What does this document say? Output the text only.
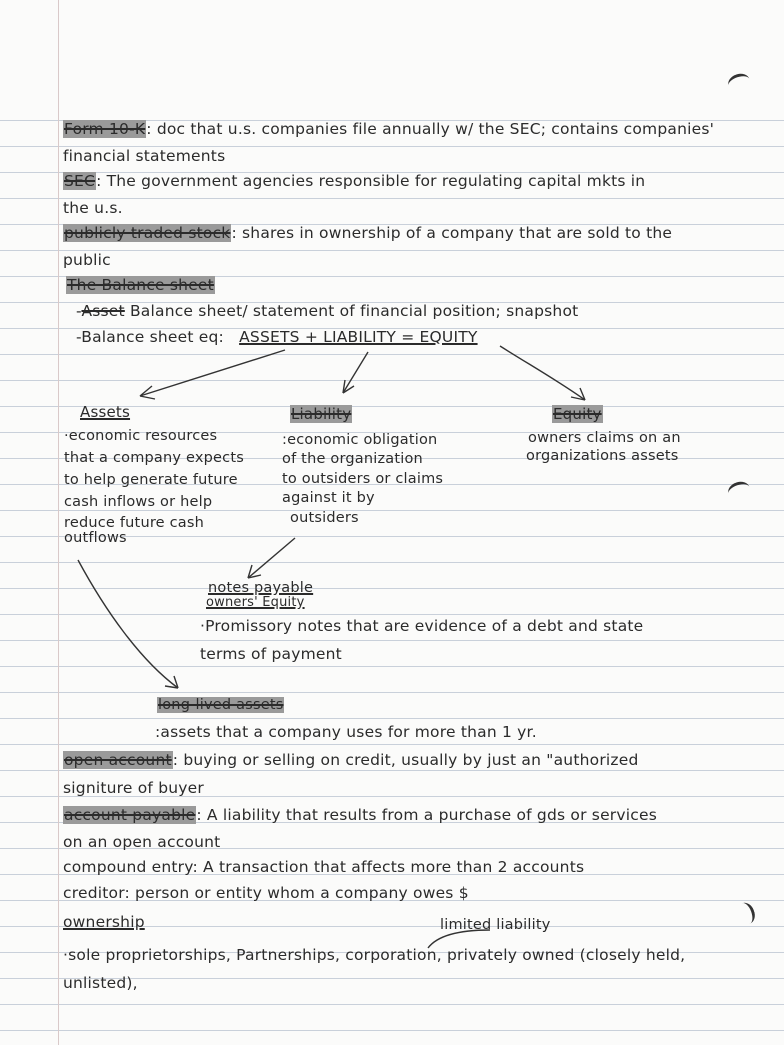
Form 10-K: doc that u.s. companies file annually w/ the SEC; contains companies'
financial statements
SEC: The government agencies responsible for regulating capital mkts in
the u.s.
publicly traded stock: shares in ownership of a company that are sold to the
public
The Balance sheet
-Asset Balance sheet/ statement of financial position; snapshot
-Balance sheet eq: ASSETS + LIABILITY = EQUITY
Assets
·economic resources
that a company expects
to help generate future
cash inflows or help
reduce future cash
outflows
Liability
:economic obligation
of the organization
to outsiders or claims
against it by
outsiders
Equity
owners claims on an
organizations assets
notes payable
owners' Equity
·Promissory notes that are evidence of a debt and state
terms of payment
long-lived assets
:assets that a company uses for more than 1 yr.
open account: buying or selling on credit, usually by just an "authorized
signiture of buyer
account payable: A liability that results from a purchase of gds or services
on an open account
compound entry: A transaction that affects more than 2 accounts
creditor: person or entity whom a company owes $
ownership	limited liability
·sole proprietorships, Partnerships, corporation, privately owned (closely held,
unlisted),
